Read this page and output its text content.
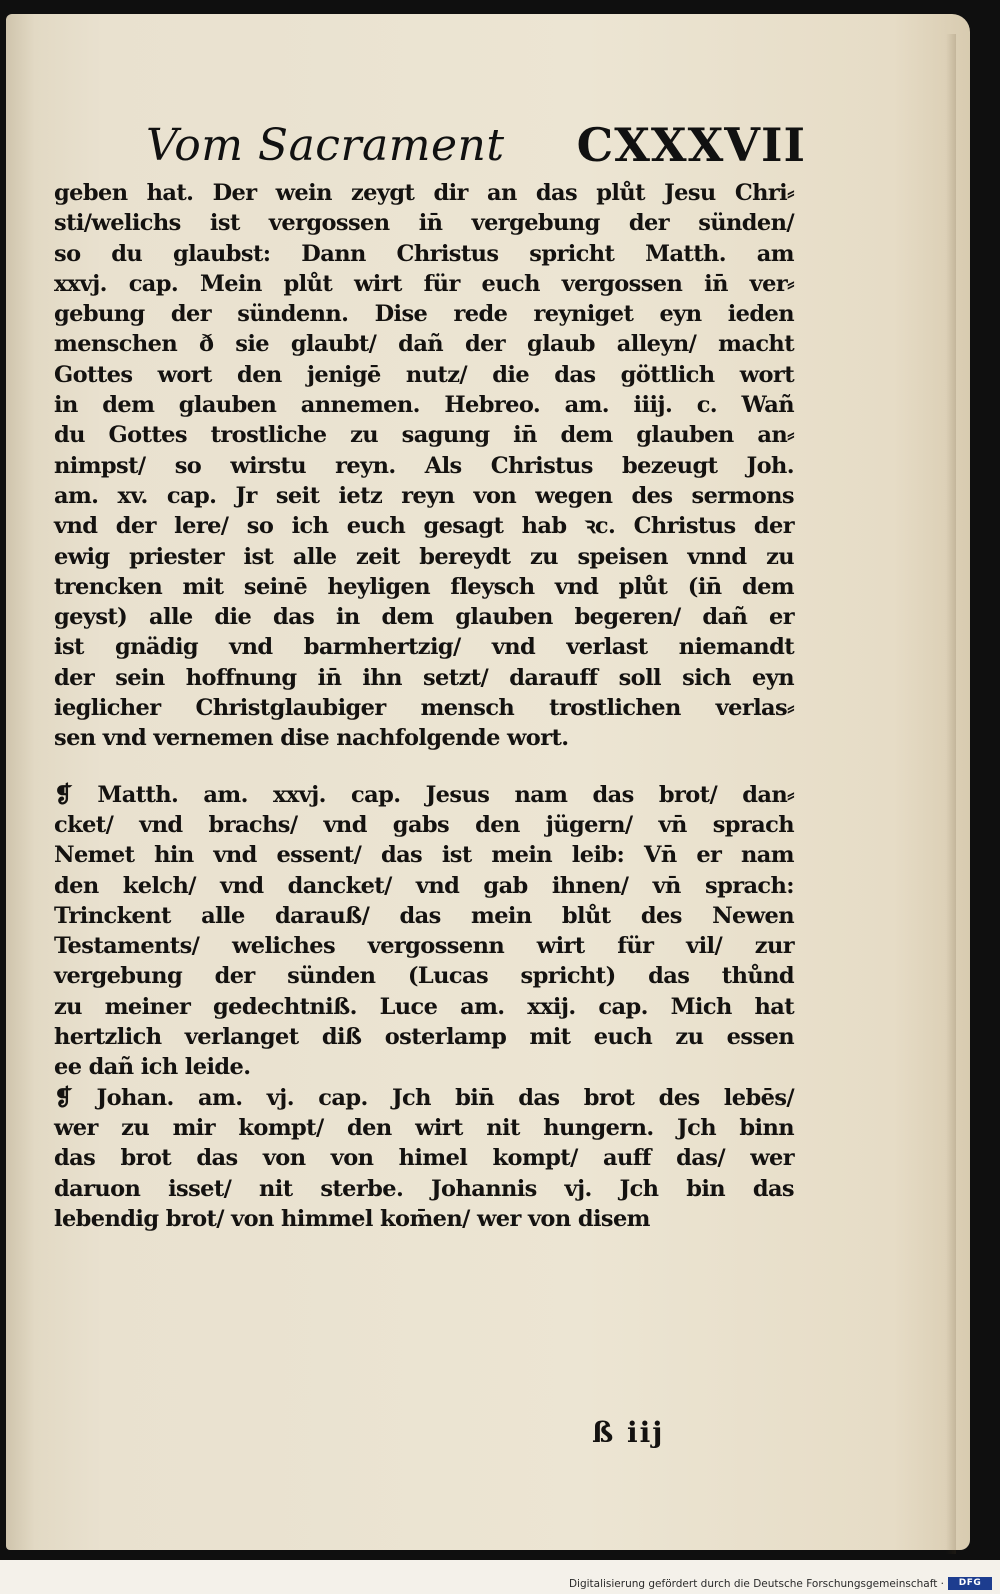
Vom Sacrament CXXXVII
geben hat. Der wein zeygt dir an das plůt Jesu Chri⸗
sti/welichs ist vergossen in̄ vergebung der sünden/
so du glaubst: Dann Christus spricht Matth. am
xxvj. cap. Mein plůt wirt für euch vergossen in̄ ver⸗
gebung der sündenn. Dise rede reyniget eyn ieden
menschen ð sie glaubt/ dañ der glaub alleyn/ macht
Gottes wort den jenigē nutz/ die das göttlich wort
in dem glauben annemen. Hebreo. am. iiij. c. Wañ
du Gottes trostliche zu sagung in̄ dem glauben an⸗
nimpst/ so wirstu reyn. Als Christus bezeugt Joh.
am. xv. cap. Jr seit ietz reyn von wegen des sermons
vnd der lere/ so ich euch gesagt hab ꝛc. Christus der
ewig priester ist alle zeit bereydt zu speisen vnnd zu
trencken mit seinē heyligen fleysch vnd plůt (in̄ dem
geyst) alle die das in dem glauben begeren/ dañ er
ist gnädig vnd barmhertzig/ vnd verlast niemandt
der sein hoffnung in̄ ihn setzt/ darauff soll sich eyn
ieglicher Christglaubiger mensch trostlichen verlas⸗
sen vnd vernemen dise nachfolgende wort.
❡ Matth. am. xxvj. cap. Jesus nam das brot/ dan⸗
cket/ vnd brachs/ vnd gabs den jügern/ vn̄ sprach
Nemet hin vnd essent/ das ist mein leib: Vn̄ er nam
den kelch/ vnd dancket/ vnd gab ihnen/ vn̄ sprach:
Trinckent alle darauß/ das mein blůt des Newen
Testaments/ weliches vergossenn wirt für vil/ zur
vergebung der sünden (Lucas spricht) das thůnd
zu meiner gedechtniß. Luce am. xxij. cap. Mich hat
hertzlich verlanget diß osterlamp mit euch zu essen
ee dañ ich leide.
❡ Johan. am. vj. cap. Jch bin̄ das brot des lebēs/
wer zu mir kompt/ den wirt nit hungern. Jch binn
das brot das von von himel kompt/ auff das/ wer
daruon isset/ nit sterbe. Johannis vj. Jch bin das
lebendig brot/ von himmel kom̄en/ wer von disem
ß iij
Digitalisierung gefördert durch die Deutsche Forschungsgemeinschaft ·	DFG
